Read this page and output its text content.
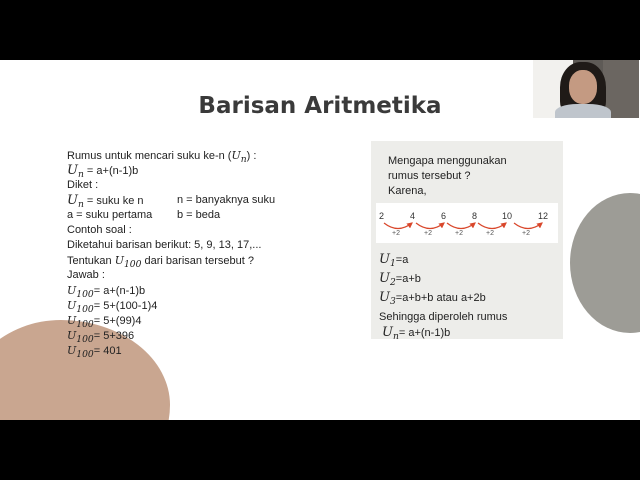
Barisan Aritmetika
Rumus untuk mencari suku ke-n $(U_n)$ :
$U_n = a+(n-1)b$
Diket :
$U_n$ = suku ke n	n = banyaknya suku
a = suku pertama b = beda
Contoh soal :
Diketahui barisan berikut: 5, 9, 13, 17,...
Tentukan $U_{100}$ dari barisan tersebut ?
Jawab :
$U_{100}= a+(n-1)b$
$U_{100}= 5+(100-1)4$
$U_{100}= 5+(99)4$
$U_{100}= 5+396$
$U_{100}= 401$
Mengapa menggunakan
rumus tersebut ?
Karena,
2	4	6	8	10	12
+2	+2	+2	+2	+2
$U_1=a$
$U_2=a+b$
$U_3=a+b+b$ atau a+2b
Sehingga diperoleh rumus
$U_n= a+(n-1)b$
